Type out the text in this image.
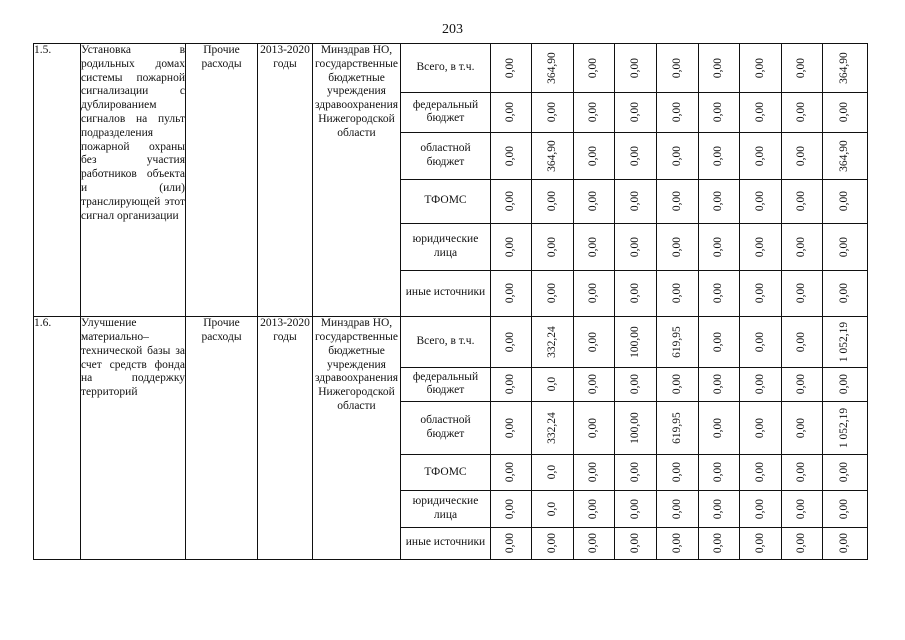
203
1.5.	Установка в родильных домах системы пожарной сигнализации с дублированием сигналов на пульт подразделения пожарной охраны без участия работников объекта и (или) транслирующей этот сигнал организации	Прочие расходы	2013-2020 годы	Минздрав НО, государственные бюджетные учреждения здравоохранения Нижегородской области	Всего, в т.ч.	0,00	364,90	0,00	0,00	0,00	0,00	0,00	0,00	364,90

					федеральный бюджет	0,00	0,00	0,00	0,00	0,00	0,00	0,00	0,00	0,00

					областной бюджет	0,00	364,90	0,00	0,00	0,00	0,00	0,00	0,00	364,90

					ТФОМС	0,00	0,00	0,00	0,00	0,00	0,00	0,00	0,00	0,00

					юридические лица	0,00	0,00	0,00	0,00	0,00	0,00	0,00	0,00	0,00

					иные источники	0,00	0,00	0,00	0,00	0,00	0,00	0,00	0,00	0,00

1.6.	Улучшение материально–технической базы за счет средств фонда на поддержку территорий	Прочие расходы	2013-2020 годы	Минздрав НО, государственные бюджетные учреждения здравоохранения Нижегородской области	Всего, в т.ч.	0,00	332,24	0,00	100,00	619,95	0,00	0,00	0,00	1 052,19

					федеральный бюджет	0,00	0,0	0,00	0,00	0,00	0,00	0,00	0,00	0,00

					областной бюджет	0,00	332,24	0,00	100,00	619,95	0,00	0,00	0,00	1 052,19

					ТФОМС	0,00	0,0	0,00	0,00	0,00	0,00	0,00	0,00	0,00

					юридические лица	0,00	0,0	0,00	0,00	0,00	0,00	0,00	0,00	0,00

					иные источники	0,00	0,00	0,00	0,00	0,00	0,00	0,00	0,00	0,00
